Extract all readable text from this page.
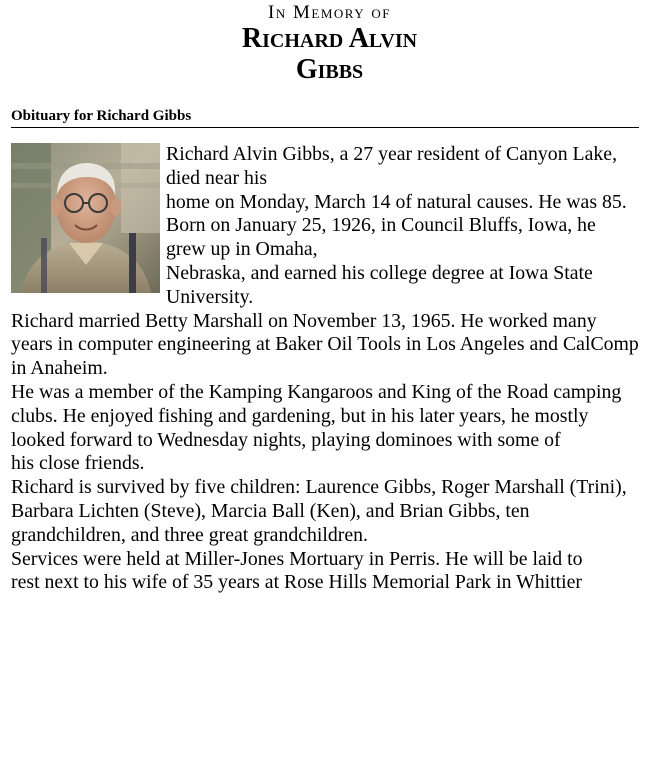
In Memory of
Richard Alvin
Gibbs
Obituary for Richard Gibbs
Richard Alvin Gibbs, a 27 year resident of Canyon Lake, died near his
home on Monday, March 14 of natural causes. He was 85.
Born on January 25, 1926, in Council Bluffs, Iowa, he grew up in Omaha,
Nebraska, and earned his college degree at Iowa State University.
Richard married Betty Marshall on November 13, 1965. He worked many
years in computer engineering at Baker Oil Tools in Los Angeles and CalComp in Anaheim.
He was a member of the Kamping Kangaroos and King of the Road camping
clubs. He enjoyed fishing and gardening, but in his later years, he mostly looked forward to Wednesday nights, playing dominoes with some of
his close friends.
Richard is survived by five children: Laurence Gibbs, Roger Marshall (Trini), Barbara Lichten (Steve), Marcia Ball (Ken), and Brian Gibbs, ten grandchildren, and three great grandchildren.
Services were held at Miller-Jones Mortuary in Perris. He will be laid to
rest next to his wife of 35 years at Rose Hills Memorial Park in Whittier
